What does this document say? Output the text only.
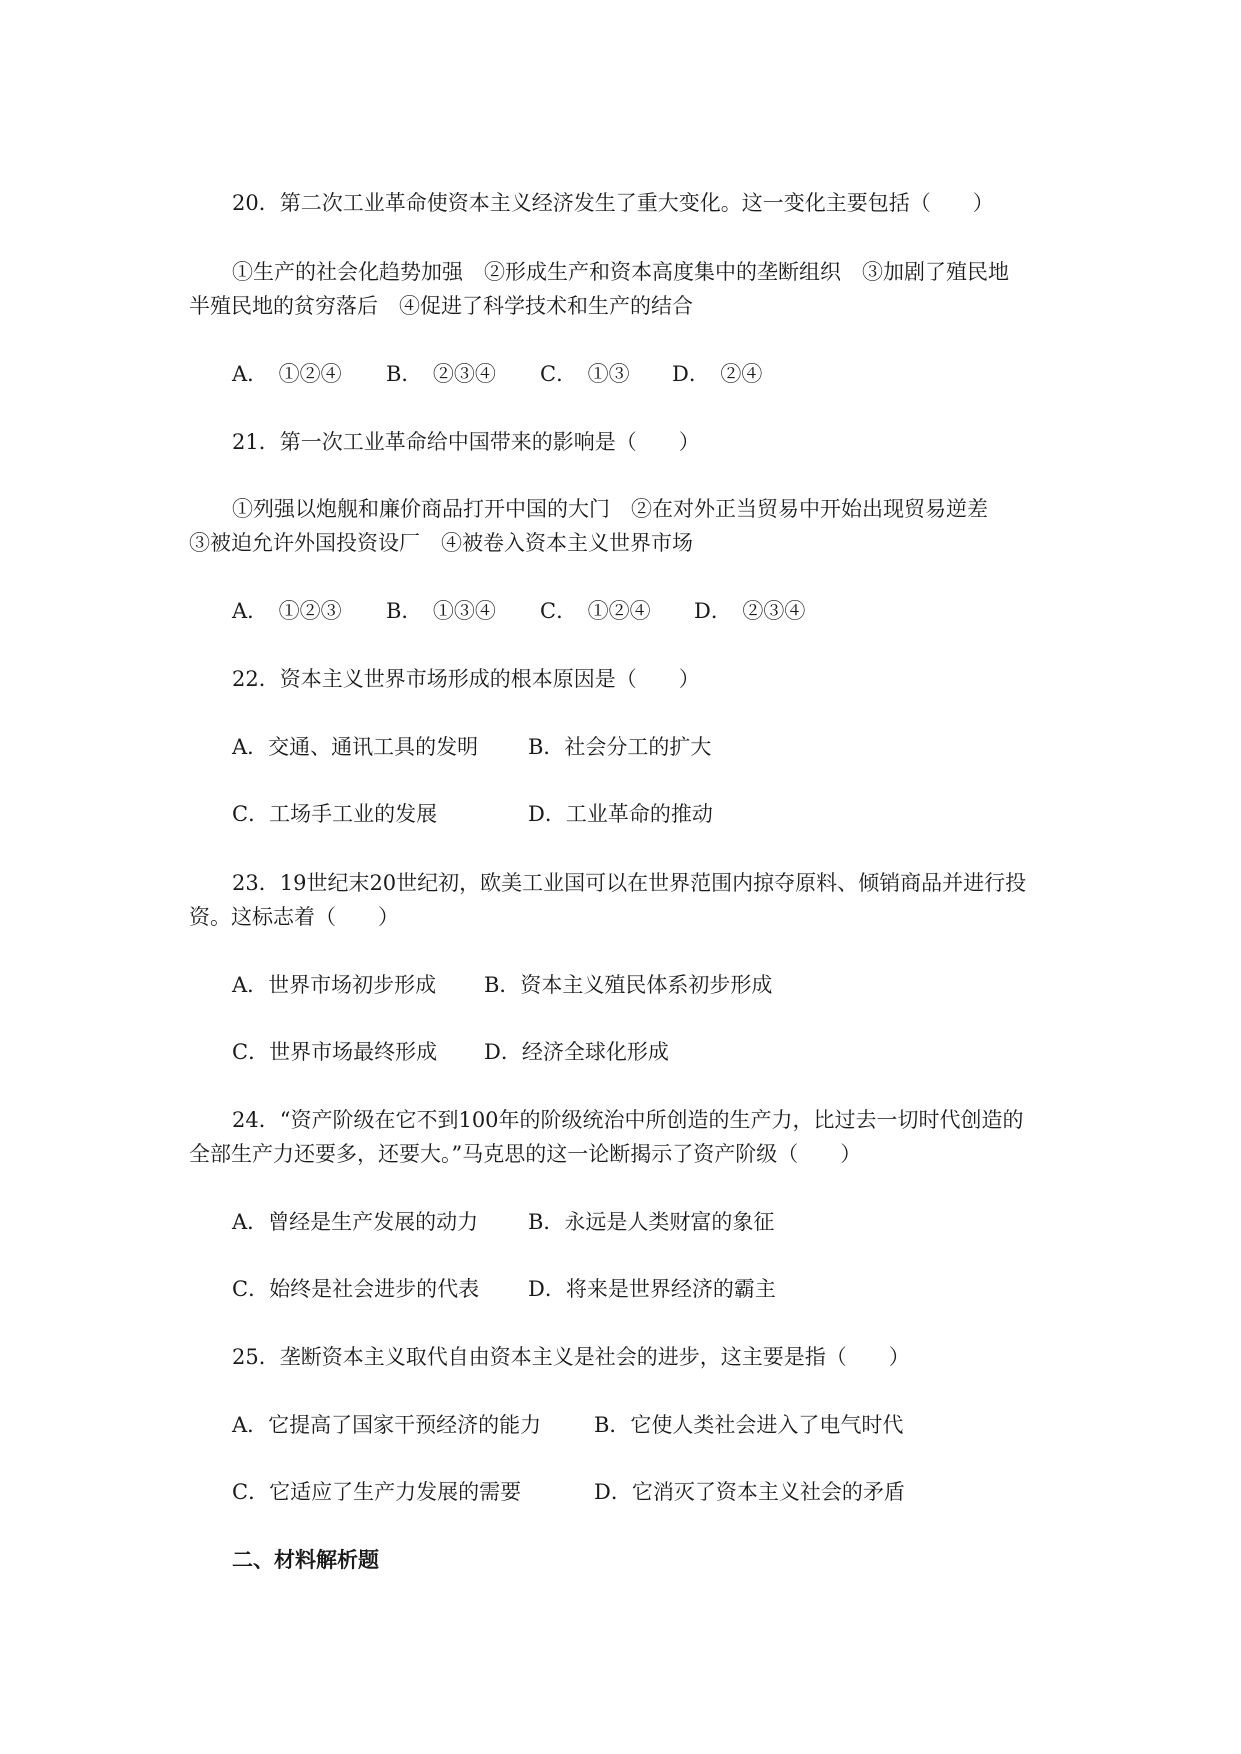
20．第二次工业革命使资本主义经济发生了重大变化。这一变化主要包括（　　）
①生产的社会化趋势加强　②形成生产和资本高度集中的垄断组织　③加剧了殖民地
半殖民地的贫穷落后　④促进了科学技术和生产的结合
A．　①②④ B．　②③④ C．　①③ D．　②④
21．第一次工业革命给中国带来的影响是（　　）
①列强以炮舰和廉价商品打开中国的大门　②在对外正当贸易中开始出现贸易逆差
③被迫允许外国投资设厂　④被卷入资本主义世界市场
A．　①②③ B．　①③④ C．　①②④ D．　②③④
22．资本主义世界市场形成的根本原因是（　　）
A．交通、通讯工具的发明 B．社会分工的扩大
C．工场手工业的发展	D．工业革命的推动
23．19世纪末20世纪初，欧美工业国可以在世界范围内掠夺原料、倾销商品并进行投
资。这标志着（　　）
A．世界市场初步形成 B．资本主义殖民体系初步形成
C．世界市场最终形成 D．经济全球化形成
24．“资产阶级在它不到100年的阶级统治中所创造的生产力，比过去一切时代创造的
全部生产力还要多，还要大。”马克思的这一论断揭示了资产阶级（　　）
A．曾经是生产发展的动力 B．永远是人类财富的象征
C．始终是社会进步的代表 D．将来是世界经济的霸主
25．垄断资本主义取代自由资本主义是社会的进步，这主要是指（　　）
A．它提高了国家干预经济的能力	B．它使人类社会进入了电气时代
C．它适应了生产力发展的需要	D．它消灭了资本主义社会的矛盾
二、材料解析题
